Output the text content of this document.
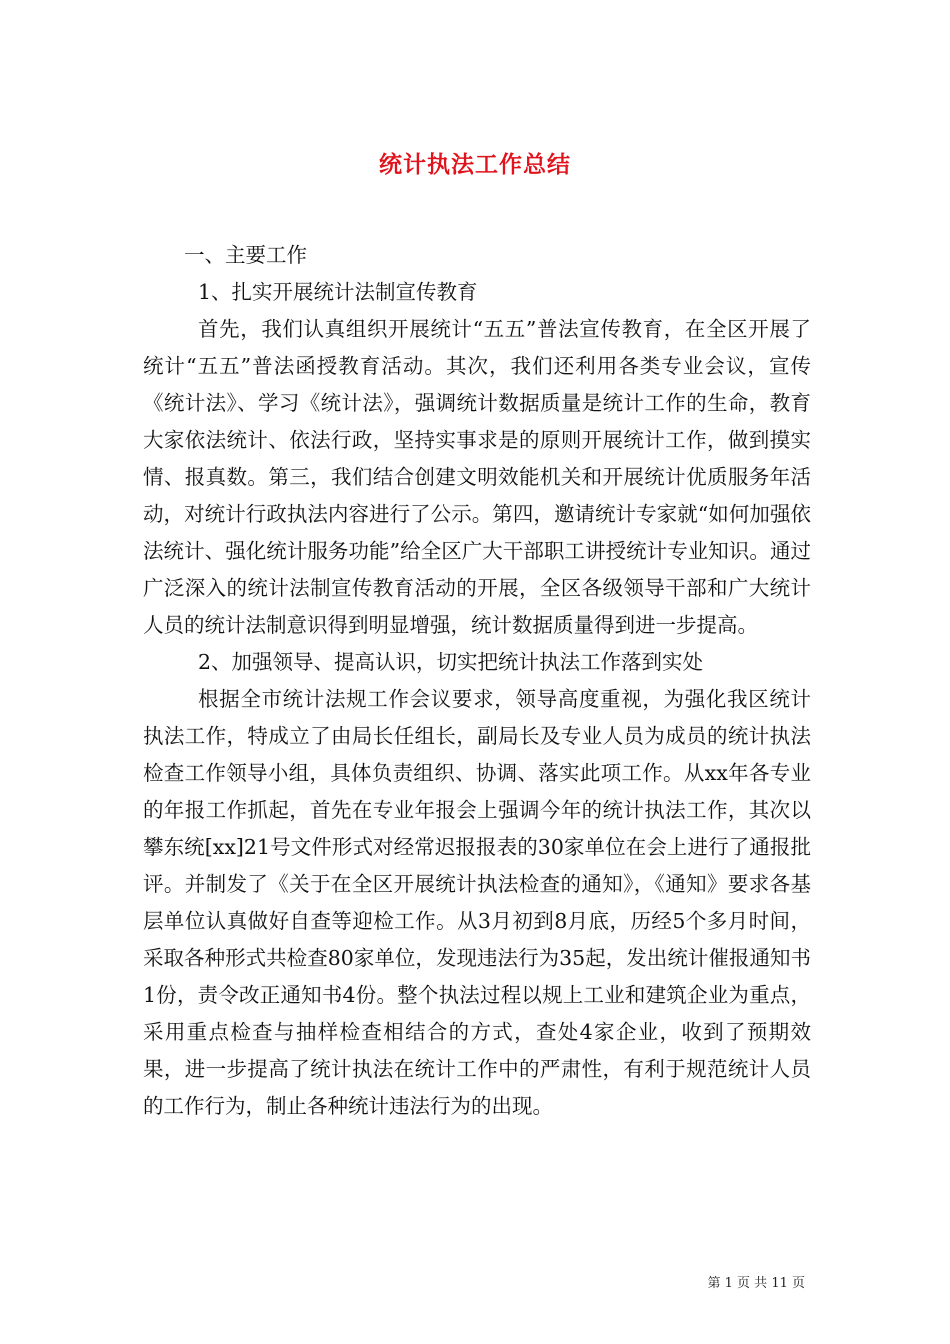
统计执法工作总结

一、主要工作

1、扎实开展统计法制宣传教育

首先，我们认真组织开展统计“五五”普法宣传教育，在全区开展了统计“五五”普法函授教育活动。其次，我们还利用各类专业会议，宣传《统计法》、学习《统计法》，强调统计数据质量是统计工作的生命，教育大家依法统计、依法行政，坚持实事求是的原则开展统计工作，做到摸实情、报真数。第三，我们结合创建文明效能机关和开展统计优质服务年活动，对统计行政执法内容进行了公示。第四，邀请统计专家就“如何加强依法统计、强化统计服务功能”给全区广大干部职工讲授统计专业知识。通过广泛深入的统计法制宣传教育活动的开展，全区各级领导干部和广大统计人员的统计法制意识得到明显增强，统计数据质量得到进一步提高。

2、加强领导、提高认识，切实把统计执法工作落到实处

根据全市统计法规工作会议要求，领导高度重视，为强化我区统计执法工作，特成立了由局长任组长，副局长及专业人员为成员的统计执法检查工作领导小组，具体负责组织、协调、落实此项工作。从xx年各专业的年报工作抓起，首先在专业年报会上强调今年的统计执法工作，其次以攀东统[xx]21号文件形式对经常迟报报表的30家单位在会上进行了通报批评。并制发了《关于在全区开展统计执法检查的通知》，《通知》要求各基层单位认真做好自查等迎检工作。从3月初到8月底，历经5个多月时间，采取各种形式共检查80家单位，发现违法行为35起，发出统计催报通知书1份，责令改正通知书4份。整个执法过程以规上工业和建筑企业为重点，采用重点检查与抽样检查相结合的方式，查处4家企业，收到了预期效果，进一步提高了统计执法在统计工作中的严肃性，有利于规范统计人员的工作行为，制止各种统计违法行为的出现。

第 1 页 共 11 页
